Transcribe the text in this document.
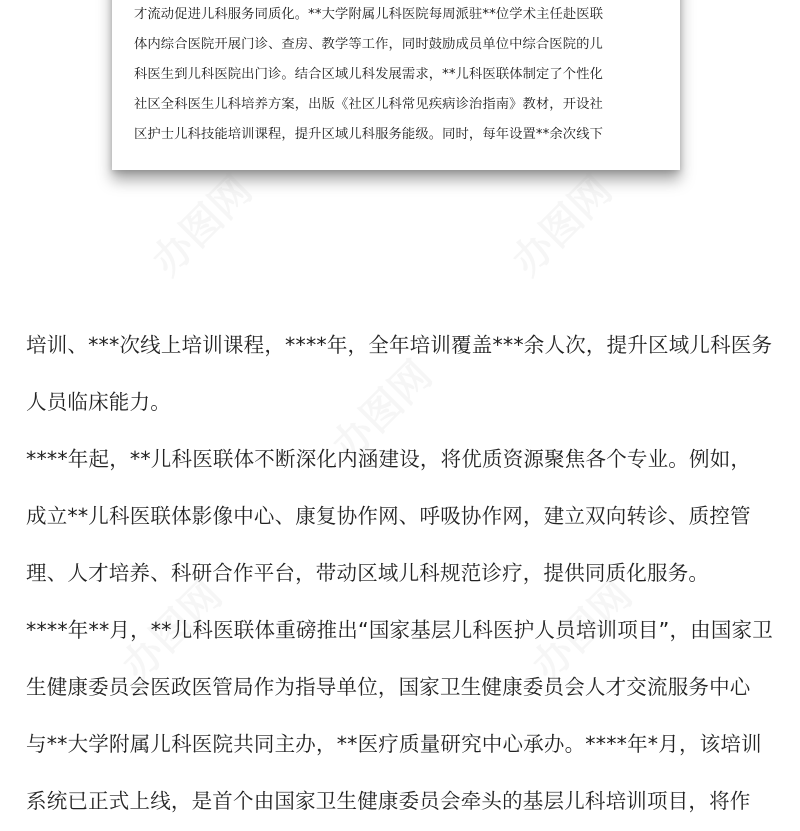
才流动促进儿科服务同质化。**大学附属儿科医院每周派驻**位学术主任赴医联
体内综合医院开展门诊、查房、教学等工作，同时鼓励成员单位中综合医院的儿
科医生到儿科医院出门诊。结合区域儿科发展需求，**儿科医联体制定了个性化
社区全科医生儿科培养方案，出版《社区儿科常见疾病诊治指南》教材，开设社
区护士儿科技能培训课程，提升区域儿科服务能级。同时，每年设置**余次线下
办图网	办图网
办图网
办图网	办图网
培训、***次线上培训课程，****年，全年培训覆盖***余人次，提升区域儿科医务
人员临床能力。
****年起，**儿科医联体不断深化内涵建设，将优质资源聚焦各个专业。例如，
成立**儿科医联体影像中心、康复协作网、呼吸协作网，建立双向转诊、质控管
理、人才培养、科研合作平台，带动区域儿科规范诊疗，提供同质化服务。
****年**月，**儿科医联体重磅推出“国家基层儿科医护人员培训项目”，由国家卫
生健康委员会医政医管局作为指导单位，国家卫生健康委员会人才交流服务中心
与**大学附属儿科医院共同主办，**医疗质量研究中心承办。****年*月，该培训
系统已正式上线，是首个由国家卫生健康委员会牵头的基层儿科培训项目，将作
